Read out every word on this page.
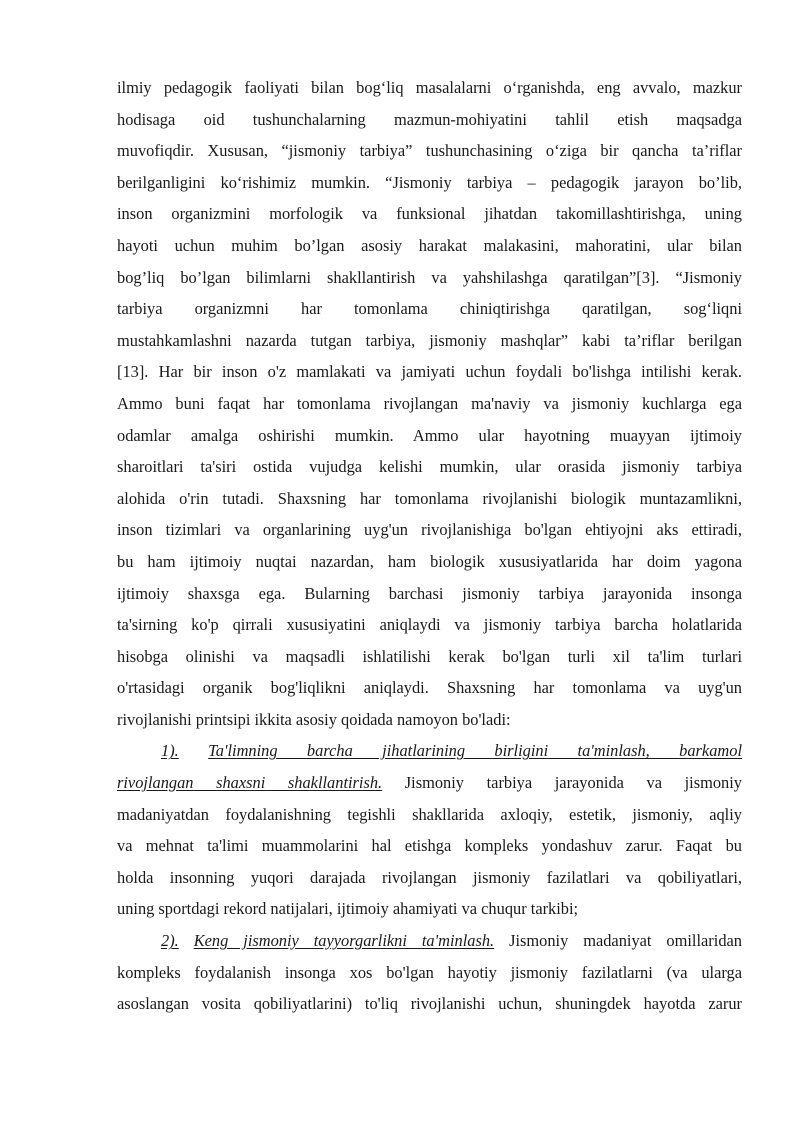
ilmiy pedagogik faoliyati bilan bog‘liq masalalarni o‘rganishda, eng avvalo, mazkur
hodisaga oid tushunchalarning mazmun-mohiyatini tahlil etish maqsadga
muvofiqdir. Xususan, “jismoniy tarbiya” tushunchasining o‘ziga bir qancha ta’riflar
berilganligini ko‘rishimiz mumkin. “Jismoniy tarbiya – pedagogik jarayon bo’lib,
inson organizmini morfologik va funksional jihatdan takomillashtirishga, uning
hayoti uchun muhim bo’lgan asosiy harakat malakasini, mahoratini, ular bilan
bog’liq bo’lgan bilimlarni shakllantirish va yahshilashga qaratilgan”[3]. “Jismoniy
tarbiya organizmni har tomonlama chiniqtirishga qaratilgan, sog‘liqni
mustahkamlashni nazarda tutgan tarbiya, jismoniy mashqlar” kabi ta’riflar berilgan
[13]. Har bir inson o'z mamlakati va jamiyati uchun foydali bo'lishga intilishi kerak.
Ammo buni faqat har tomonlama rivojlangan ma'naviy va jismoniy kuchlarga ega
odamlar amalga oshirishi mumkin. Ammo ular hayotning muayyan ijtimoiy
sharoitlari ta'siri ostida vujudga kelishi mumkin, ular orasida jismoniy tarbiya
alohida o'rin tutadi. Shaxsning har tomonlama rivojlanishi biologik muntazamlikni,
inson tizimlari va organlarining uyg'un rivojlanishiga bo'lgan ehtiyojni aks ettiradi,
bu ham ijtimoiy nuqtai nazardan, ham biologik xususiyatlarida har doim yagona
ijtimoiy shaxsga ega. Bularning barchasi jismoniy tarbiya jarayonida insonga
ta'sirning ko'p qirrali xususiyatini aniqlaydi va jismoniy tarbiya barcha holatlarida
hisobga olinishi va maqsadli ishlatilishi kerak bo'lgan turli xil ta'lim turlari
o'rtasidagi organik bog'liqlikni aniqlaydi. Shaxsning har tomonlama va uyg'un
rivojlanishi printsipi ikkita asosiy qoidada namoyon bo'ladi:
1). Ta'limning barcha jihatlarining birligini ta'minlash, barkamol
rivojlangan shaxsni shakllantirish. Jismoniy tarbiya jarayonida va jismoniy
madaniyatdan foydalanishning tegishli shakllarida axloqiy, estetik, jismoniy, aqliy
va mehnat ta'limi muammolarini hal etishga kompleks yondashuv zarur. Faqat bu
holda insonning yuqori darajada rivojlangan jismoniy fazilatlari va qobiliyatlari,
uning sportdagi rekord natijalari, ijtimoiy ahamiyati va chuqur tarkibi;
2). Keng jismoniy tayyorgarlikni ta'minlash. Jismoniy madaniyat omillaridan
kompleks foydalanish insonga xos bo'lgan hayotiy jismoniy fazilatlarni (va ularga
asoslangan vosita qobiliyatlarini) to'liq rivojlanishi uchun, shuningdek hayotda zarur
